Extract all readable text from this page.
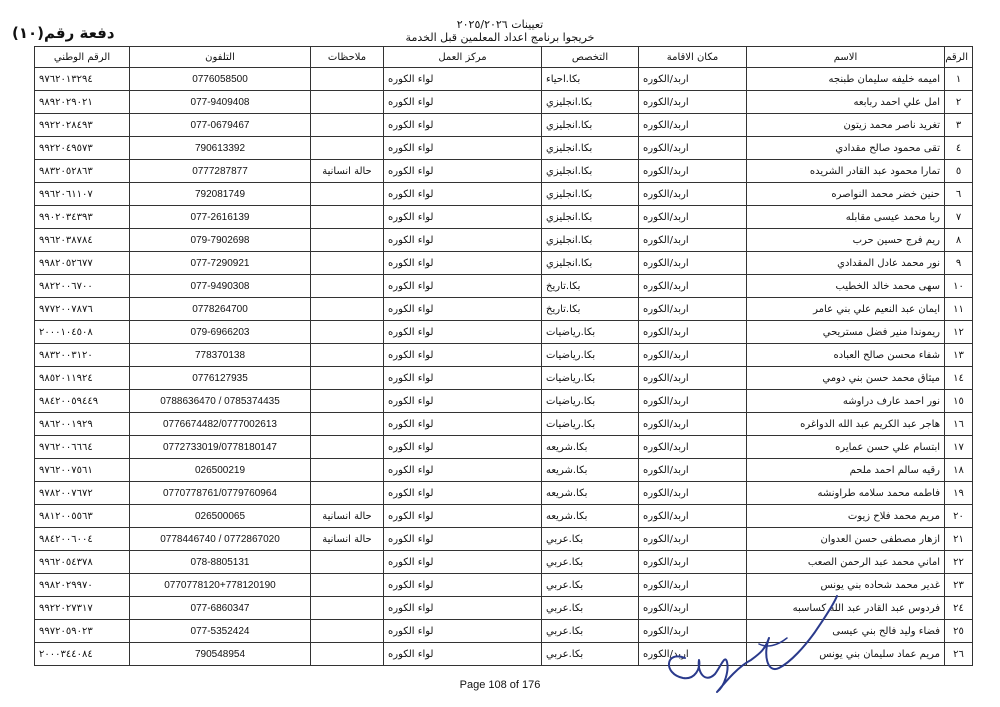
تعيينات ٢٠٢٥/٢٠٢٦
خريجوا برنامج اعداد المعلمين قبل الخدمة
دفعة رقم(١٠)
الرقم	الاسم	مكان الاقامة	التخصص	مركز العمل	ملاحظات	التلفون	الرقم الوطني
١	اميمه خليفه سليمان طبنجه	اربد/الكوره	بكا.احياء	لواء الكوره		0776058500	٩٧٦٢٠١٣٢٩٤
٢	امل علي احمد ربابعه	اربد/الكوره	بكا.انجليزي	لواء الكوره		077-9409408	٩٨٩٢٠٢٩٠٢١
٣	تغريد ناصر محمد زيتون	اربد/الكوره	بكا.انجليزي	لواء الكوره		077-0679467	٩٩٢٢٠٢٨٤٩٣
٤	تقى محمود صالح مقدادي	اربد/الكوره	بكا.انجليزي	لواء الكوره		790613392	٩٩٢٢٠٤٩٥٧٣
٥	تمارا محمود عبد القادر الشريده	اربد/الكوره	بكا.انجليزي	لواء الكوره	حالة انسانية	0777287877	٩٨٣٢٠٥٢٨٦٣
٦	حنين خضر محمد النواصره	اربد/الكوره	بكا.انجليزي	لواء الكوره		792081749	٩٩٦٢٠٦١١٠٧
٧	ربا محمد عيسى مقابله	اربد/الكوره	بكا.انجليزي	لواء الكوره		077-2616139	٩٩٠٢٠٣٤٣٩٣
٨	ريم فرج حسين حرب	اربد/الكوره	بكا.انجليزي	لواء الكوره		079-7902698	٩٩٦٢٠٣٨٧٨٤
٩	نور محمد عادل المقدادي	اربد/الكوره	بكا.انجليزي	لواء الكوره		077-7290921	٩٩٨٢٠٥٢٦٧٧
١٠	سهى محمد خالد الخطيب	اربد/الكوره	بكا.تاريخ	لواء الكوره		077-9490308	٩٨٢٢٠٠٦٧٠٠
١١	ايمان عبد النعيم علي بني عامر	اربد/الكوره	بكا.تاريخ	لواء الكوره		0778264700	٩٧٧٢٠٠٧٨٧٦
١٢	ريموندا منير فضل مستريحي	اربد/الكوره	بكا.رياضيات	لواء الكوره		079-6966203	٢٠٠٠١٠٤٥٠٨
١٣	شفاء محسن صالح العباده	اربد/الكوره	بكا.رياضيات	لواء الكوره		778370138	٩٨٣٢٠٠٣١٢٠
١٤	ميثاق محمد حسن بني دومي	اربد/الكوره	بكا.رياضيات	لواء الكوره		0776127935	٩٨٥٢٠١١٩٢٤
١٥	نور احمد عارف دراوشه	اربد/الكوره	بكا.رياضيات	لواء الكوره		0785374435 / 0788636470	٩٨٤٢٠٠٥٩٤٤٩
١٦	هاجر عبد الكريم عبد الله الدواغره	اربد/الكوره	بكا.رياضيات	لواء الكوره		0776674482/0777002613	٩٨٦٢٠٠١٩٢٩
١٧	ابتسام علي حسن عمايره	اربد/الكوره	بكا.شريعه	لواء الكوره		0772733019/0778180147	٩٧٦٢٠٠٦٦٦٤
١٨	رقيه سالم احمد ملحم	اربد/الكوره	بكا.شريعه	لواء الكوره		026500219	٩٧٦٢٠٠٧٥٦١
١٩	فاطمه محمد سلامه طراونشه	اربد/الكوره	بكا.شريعه	لواء الكوره		0770778761/0779760964	٩٧٨٢٠٠٧٦٧٢
٢٠	مريم محمد فلاح زيوت	اربد/الكوره	بكا.شريعه	لواء الكوره	حالة انسانية	026500065	٩٨١٢٠٠٥٥٦٣
٢١	ازهار مصطفى حسن العدوان	اربد/الكوره	بكا.عربي	لواء الكوره	حالة انسانية	0772867020 / 0778446740	٩٨٤٢٠٠٦٠٠٤
٢٢	اماني محمد عبد الرحمن الصعب	اربد/الكوره	بكا.عربي	لواء الكوره		078-8805131	٩٩٦٢٠٥٤٣٧٨
٢٣	غدير محمد شحاده بني يونس	اربد/الكوره	بكا.عربي	لواء الكوره		0770778120+778120190	٩٩٨٢٠٢٩٩٧٠
٢٤	فردوس عبد القادر عبد الله كساسبه	اربد/الكوره	بكا.عربي	لواء الكوره		077-6860347	٩٩٢٢٠٢٧٣١٧
٢٥	فضاء وليد فالح بني عيسى	اربد/الكوره	بكا.عربي	لواء الكوره		077-5352424	٩٩٧٢٠٥٩٠٢٣
٢٦	مريم عماد سليمان بني يونس	اربد/الكوره	بكا.عربي	لواء الكوره		790548954	٢٠٠٠٣٤٤٠٨٤
Page 108 of 176
